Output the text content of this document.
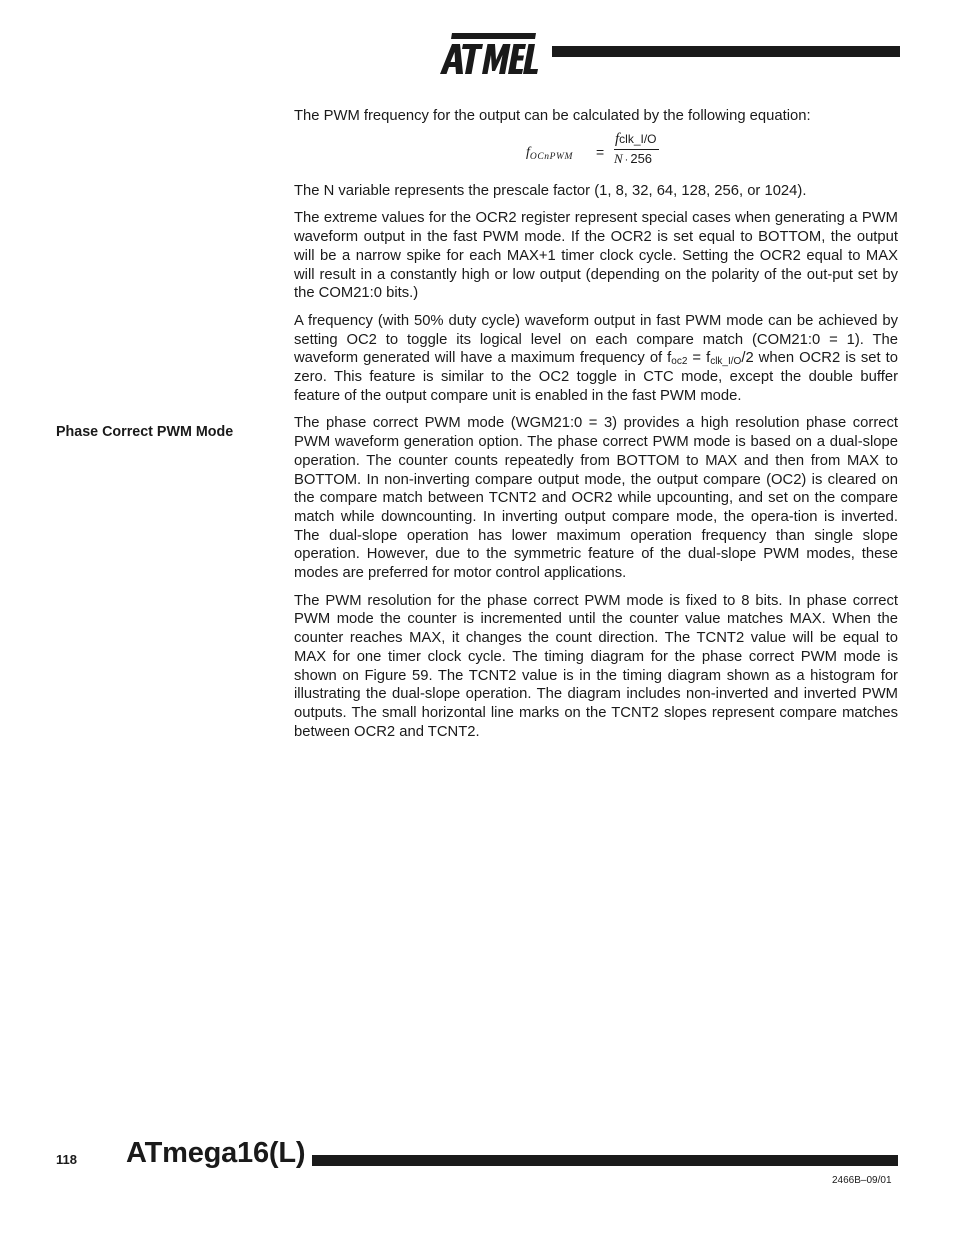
The PWM frequency for the output can be calculated by the following equation:

$f_{OCnPWM}$ =
fclk_I/O
N · 256

The N variable represents the prescale factor (1, 8, 32, 64, 128, 256, or 1024).

The extreme values for the OCR2 register represent special cases when generating a PWM waveform output in the fast PWM mode. If the OCR2 is set equal to BOTTOM, the output will be a narrow spike for each MAX+1 timer clock cycle. Setting the OCR2 equal to MAX will result in a constantly high or low output (depending on the polarity of the out-put set by the COM21:0 bits.)

A frequency (with 50% duty cycle) waveform output in fast PWM mode can be achieved by setting OC2 to toggle its logical level on each compare match (COM21:0 = 1). The waveform generated will have a maximum frequency of $f_{oc2} = f_{clk\_I/O}/2$ when OCR2 is set to zero. This feature is similar to the OC2 toggle in CTC mode, except the double buffer feature of the output compare unit is enabled in the fast PWM mode.

The phase correct PWM mode (WGM21:0 = 3) provides a high resolution phase correct PWM waveform generation option. The phase correct PWM mode is based on a dual-slope operation. The counter counts repeatedly from BOTTOM to MAX and then from MAX to BOTTOM. In non-inverting compare output mode, the output compare (OC2) is cleared on the compare match between TCNT2 and OCR2 while upcounting, and set on the compare match while downcounting. In inverting output compare mode, the opera-tion is inverted. The dual-slope operation has lower maximum operation frequency than single slope operation. However, due to the symmetric feature of the dual-slope PWM modes, these modes are preferred for motor control applications.

The PWM resolution for the phase correct PWM mode is fixed to 8 bits. In phase correct PWM mode the counter is incremented until the counter value matches MAX. When the counter reaches MAX, it changes the count direction. The TCNT2 value will be equal to MAX for one timer clock cycle. The timing diagram for the phase correct PWM mode is shown on Figure 59. The TCNT2 value is in the timing diagram shown as a histogram for illustrating the dual-slope operation. The diagram includes non-inverted and inverted PWM outputs. The small horizontal line marks on the TCNT2 slopes represent compare matches between OCR2 and TCNT2.

Phase Correct PWM Mode
118 ATmega16(L)
2466B–09/01
